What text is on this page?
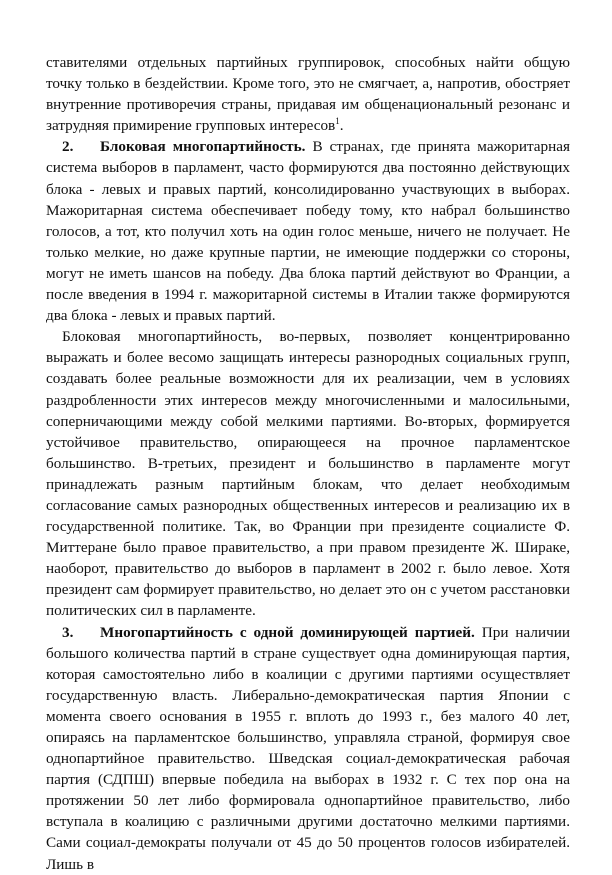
ставителями отдельных партийных группировок, способных найти общую точку только в бездействии. Кроме того, это не смягчает, а, напротив, обостряет внутренние противоречия страны, придавая им общенациональный резонанс и затрудняя примирение групповых интересов$^1$.

2. Блоковая многопартийность. В странах, где принята мажоритарная система выборов в парламент, часто формируются два постоянно действующих блока - левых и правых партий, консолидированно участвующих в выборах. Мажоритарная система обеспечивает победу тому, кто набрал большинство голосов, а тот, кто получил хоть на один голос меньше, ничего не получает. Не только мелкие, но даже крупные партии, не имеющие поддержки со стороны, могут не иметь шансов на победу. Два блока партий действуют во Франции, а после введения в 1994 г. мажоритарной системы в Италии также формируются два блока - левых и правых партий.

Блоковая многопартийность, во-первых, позволяет концентрированно выражать и более весомо защищать интересы разнородных социальных групп, создавать более реальные возможности для их реализации, чем в условиях раздробленности этих интересов между многочисленными и малосильными, соперничающими между собой мелкими партиями. Во-вторых, формируется устойчивое правительство, опирающееся на прочное парламентское большинство. В-третьих, президент и большинство в парламенте могут принадлежать разным партийным блокам, что делает необходимым согласование самых разнородных общественных интересов и реализацию их в государственной политике. Так, во Франции при президенте социалисте Ф. Миттеране было правое правительство, а при правом президенте Ж. Шираке, наоборот, правительство до выборов в парламент в 2002 г. было левое. Хотя президент сам формирует правительство, но делает это он с учетом расстановки политических сил в парламенте.

3. Многопартийность с одной доминирующей партией. При наличии большого количества партий в стране существует одна доминирующая партия, которая самостоятельно либо в коалиции с другими партиями осуществляет государственную власть. Либерально-демократическая партия Японии с момента своего основания в 1955 г. вплоть до 1993 г., без малого 40 лет, опираясь на парламентское большинство, управляла страной, формируя свое однопартийное правительство. Шведская социал-демократическая рабочая партия (СДПШ) впервые победила на выборах в 1932 г. С тех пор она на протяжении 50 лет либо формировала однопартийное правительство, либо вступала в коалицию с различными другими достаточно мелкими партиями. Сами социал-демократы получали от 45 до 50 процентов голосов избирателей. Лишь в
